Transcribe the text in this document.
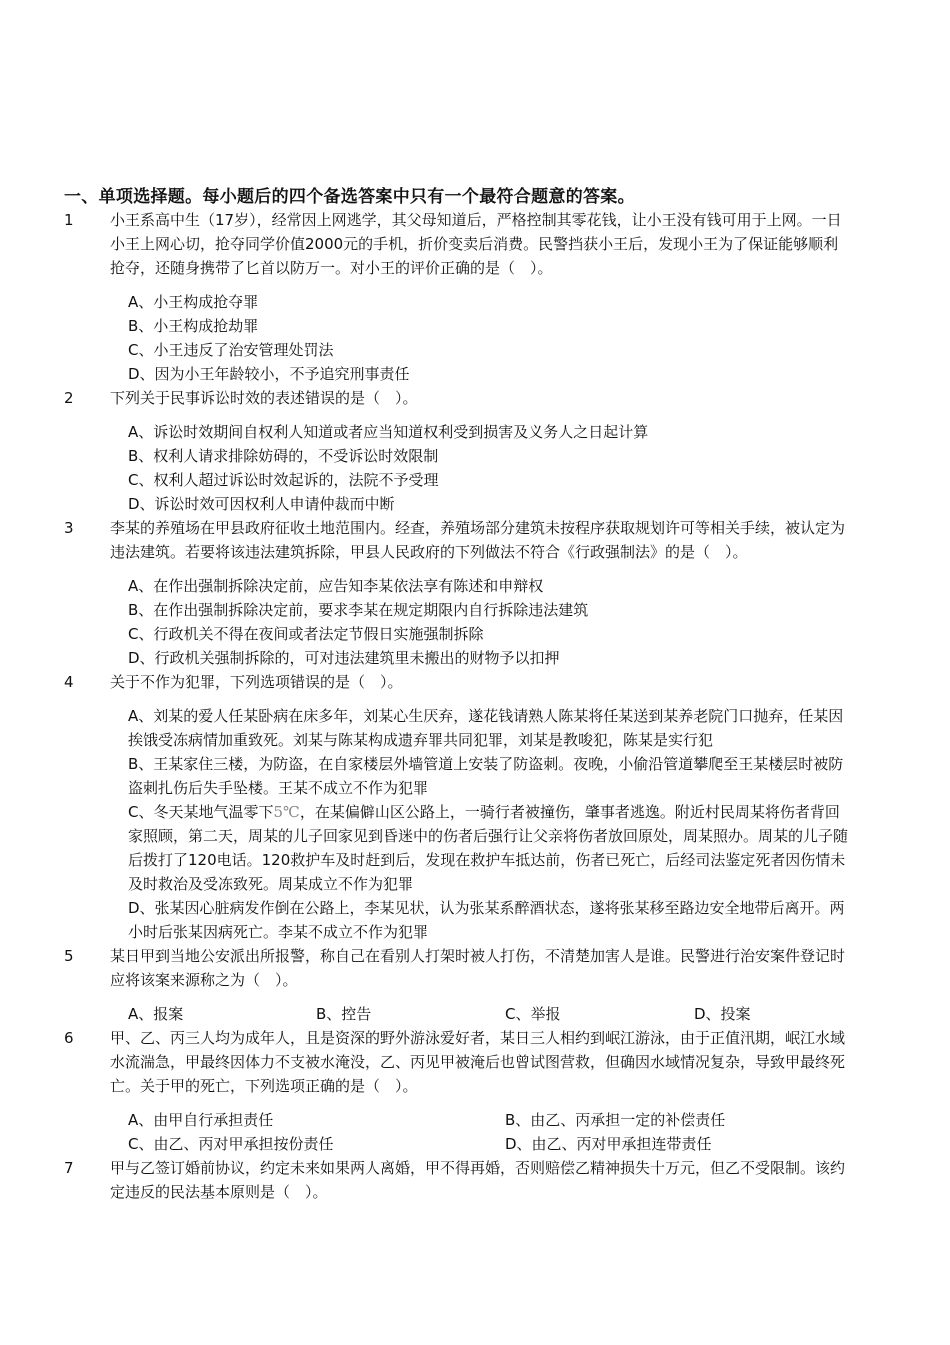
一、单项选择题。每小题后的四个备选答案中只有一个最符合题意的答案。
1 小王系高中生（17岁），经常因上网逃学，其父母知道后，严格控制其零花钱，让小王没有钱可用于上网。一日小王上网心切，抢夺同学价值2000元的手机，折价变卖后消费。民警挡获小王后，发现小王为了保证能够顺利抢夺，还随身携带了匕首以防万一。对小王的评价正确的是（　）。
A、小王构成抢夺罪
B、小王构成抢劫罪
C、小王违反了治安管理处罚法
D、因为小王年龄较小，不予追究刑事责任
2 下列关于民事诉讼时效的表述错误的是（　）。
A、诉讼时效期间自权利人知道或者应当知道权利受到损害及义务人之日起计算
B、权利人请求排除妨碍的，不受诉讼时效限制
C、权利人超过诉讼时效起诉的，法院不予受理
D、诉讼时效可因权利人申请仲裁而中断
3 李某的养殖场在甲县政府征收土地范围内。经查，养殖场部分建筑未按程序获取规划许可等相关手续，被认定为违法建筑。若要将该违法建筑拆除，甲县人民政府的下列做法不符合《行政强制法》的是（　）。
A、在作出强制拆除决定前，应告知李某依法享有陈述和申辩权
B、在作出强制拆除决定前，要求李某在规定期限内自行拆除违法建筑
C、行政机关不得在夜间或者法定节假日实施强制拆除
D、行政机关强制拆除的，可对违法建筑里未搬出的财物予以扣押
4 关于不作为犯罪，下列选项错误的是（　）。
A、刘某的爱人任某卧病在床多年，刘某心生厌弃，遂花钱请熟人陈某将任某送到某养老院门口抛弃，任某因挨饿受冻病情加重致死。刘某与陈某构成遗弃罪共同犯罪，刘某是教唆犯，陈某是实行犯
B、王某家住三楼，为防盗，在自家楼层外墙管道上安装了防盗刺。夜晚，小偷沿管道攀爬至王某楼层时被防盗刺扎伤后失手坠楼。王某不成立不作为犯罪
C、冬天某地气温零下5℃，在某偏僻山区公路上，一骑行者被撞伤，肇事者逃逸。附近村民周某将伤者背回家照顾，第二天，周某的儿子回家见到昏迷中的伤者后强行让父亲将伤者放回原处，周某照办。周某的儿子随后拨打了120电话。120救护车及时赶到后，发现在救护车抵达前，伤者已死亡，后经司法鉴定死者因伤情未及时救治及受冻致死。周某成立不作为犯罪
D、张某因心脏病发作倒在公路上，李某见状，认为张某系醉酒状态，遂将张某移至路边安全地带后离开。两小时后张某因病死亡。李某不成立不作为犯罪
5 某日甲到当地公安派出所报警，称自己在看别人打架时被人打伤，不清楚加害人是谁。民警进行治安案件登记时应将该案来源称之为（　）。
A、报案	B、控告	C、举报	D、投案
6 甲、乙、丙三人均为成年人，且是资深的野外游泳爱好者，某日三人相约到岷江游泳，由于正值汛期，岷江水域水流湍急，甲最终因体力不支被水淹没，乙、丙见甲被淹后也曾试图营救，但确因水域情况复杂，导致甲最终死亡。关于甲的死亡，下列选项正确的是（　）。
A、由甲自行承担责任	B、由乙、丙承担一定的补偿责任
C、由乙、丙对甲承担按份责任	D、由乙、丙对甲承担连带责任
7 甲与乙签订婚前协议，约定未来如果两人离婚，甲不得再婚，否则赔偿乙精神损失十万元，但乙不受限制。该约定违反的民法基本原则是（　）。
